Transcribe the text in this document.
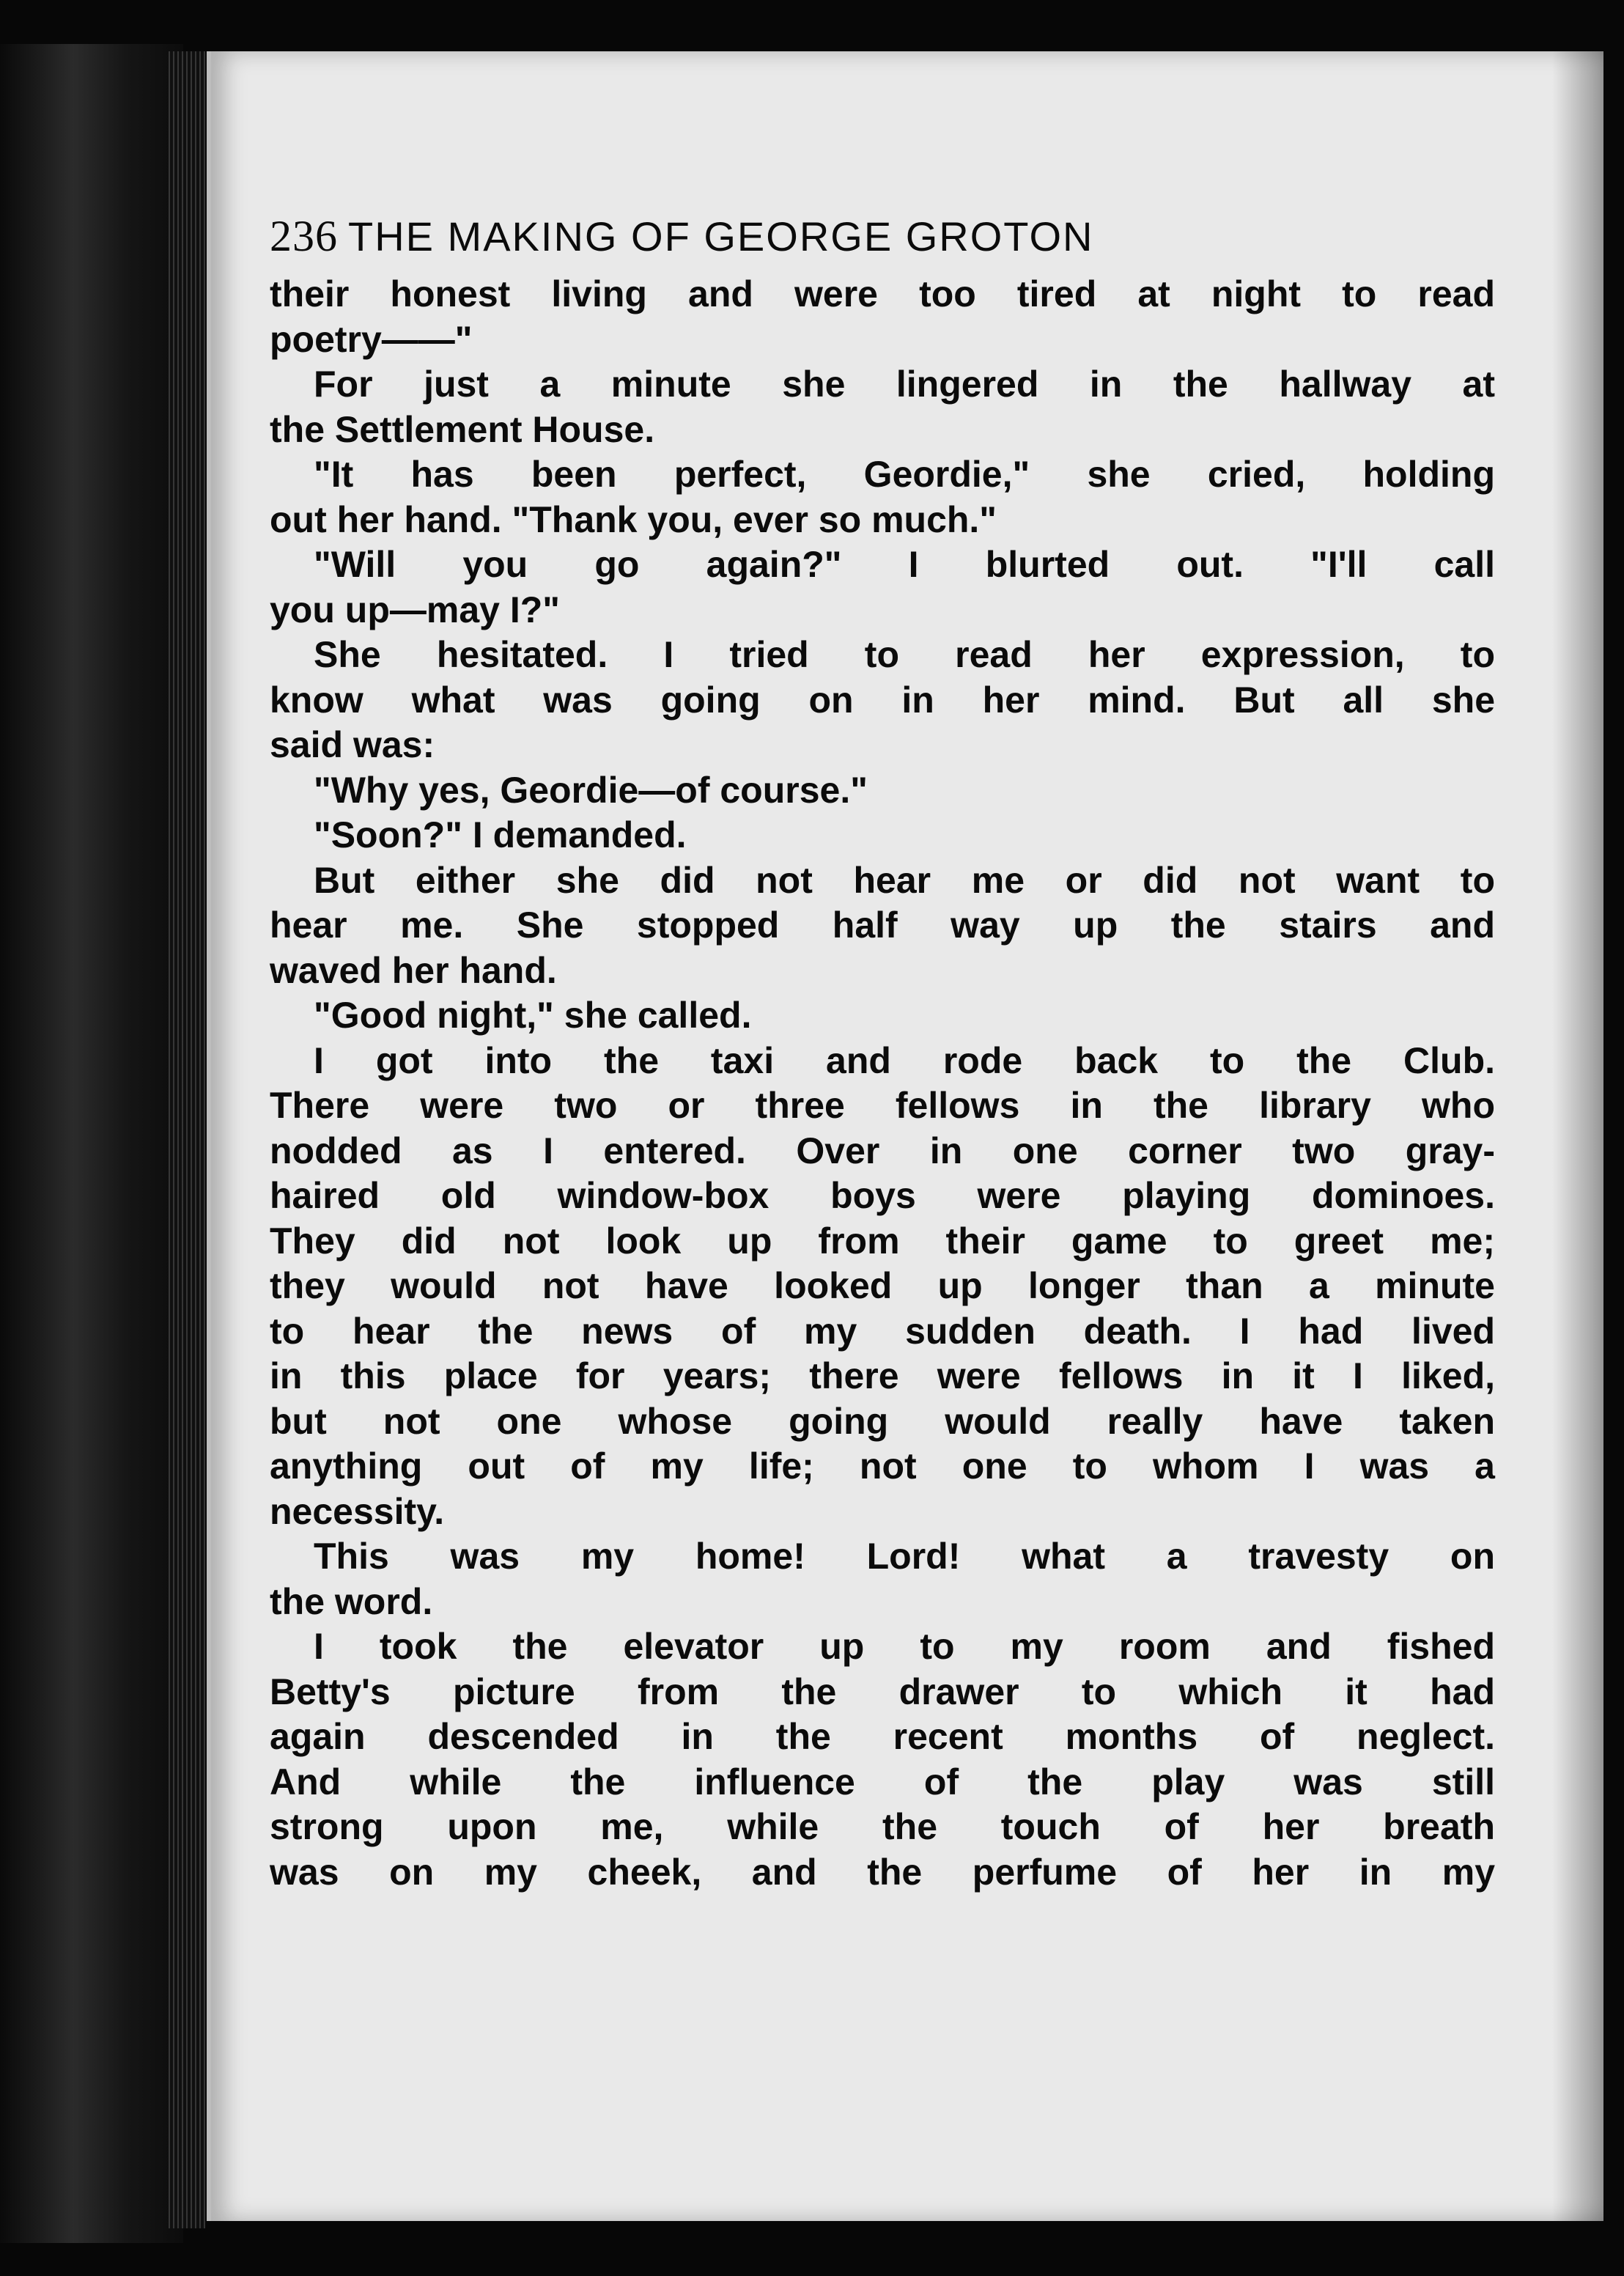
236 THE MAKING OF GEORGE GROTON
their honest living and were too tired at night to read
poetry——"
For just a minute she lingered in the hallway at
the Settlement House.
"It has been perfect, Geordie," she cried, holding
out her hand. "Thank you, ever so much."
"Will you go again?" I blurted out. "I'll call
you up—may I?"
She hesitated. I tried to read her expression, to
know what was going on in her mind. But all she
said was:
"Why yes, Geordie—of course."
"Soon?" I demanded.
But either she did not hear me or did not want to
hear me. She stopped half way up the stairs and
waved her hand.
"Good night," she called.
I got into the taxi and rode back to the Club.
There were two or three fellows in the library who
nodded as I entered. Over in one corner two gray-
haired old window-box boys were playing dominoes.
They did not look up from their game to greet me;
they would not have looked up longer than a minute
to hear the news of my sudden death. I had lived
in this place for years; there were fellows in it I liked,
but not one whose going would really have taken
anything out of my life; not one to whom I was a
necessity.
This was my home! Lord! what a travesty on
the word.
I took the elevator up to my room and fished
Betty's picture from the drawer to which it had
again descended in the recent months of neglect.
And while the influence of the play was still
strong upon me, while the touch of her breath
was on my cheek, and the perfume of her in my
